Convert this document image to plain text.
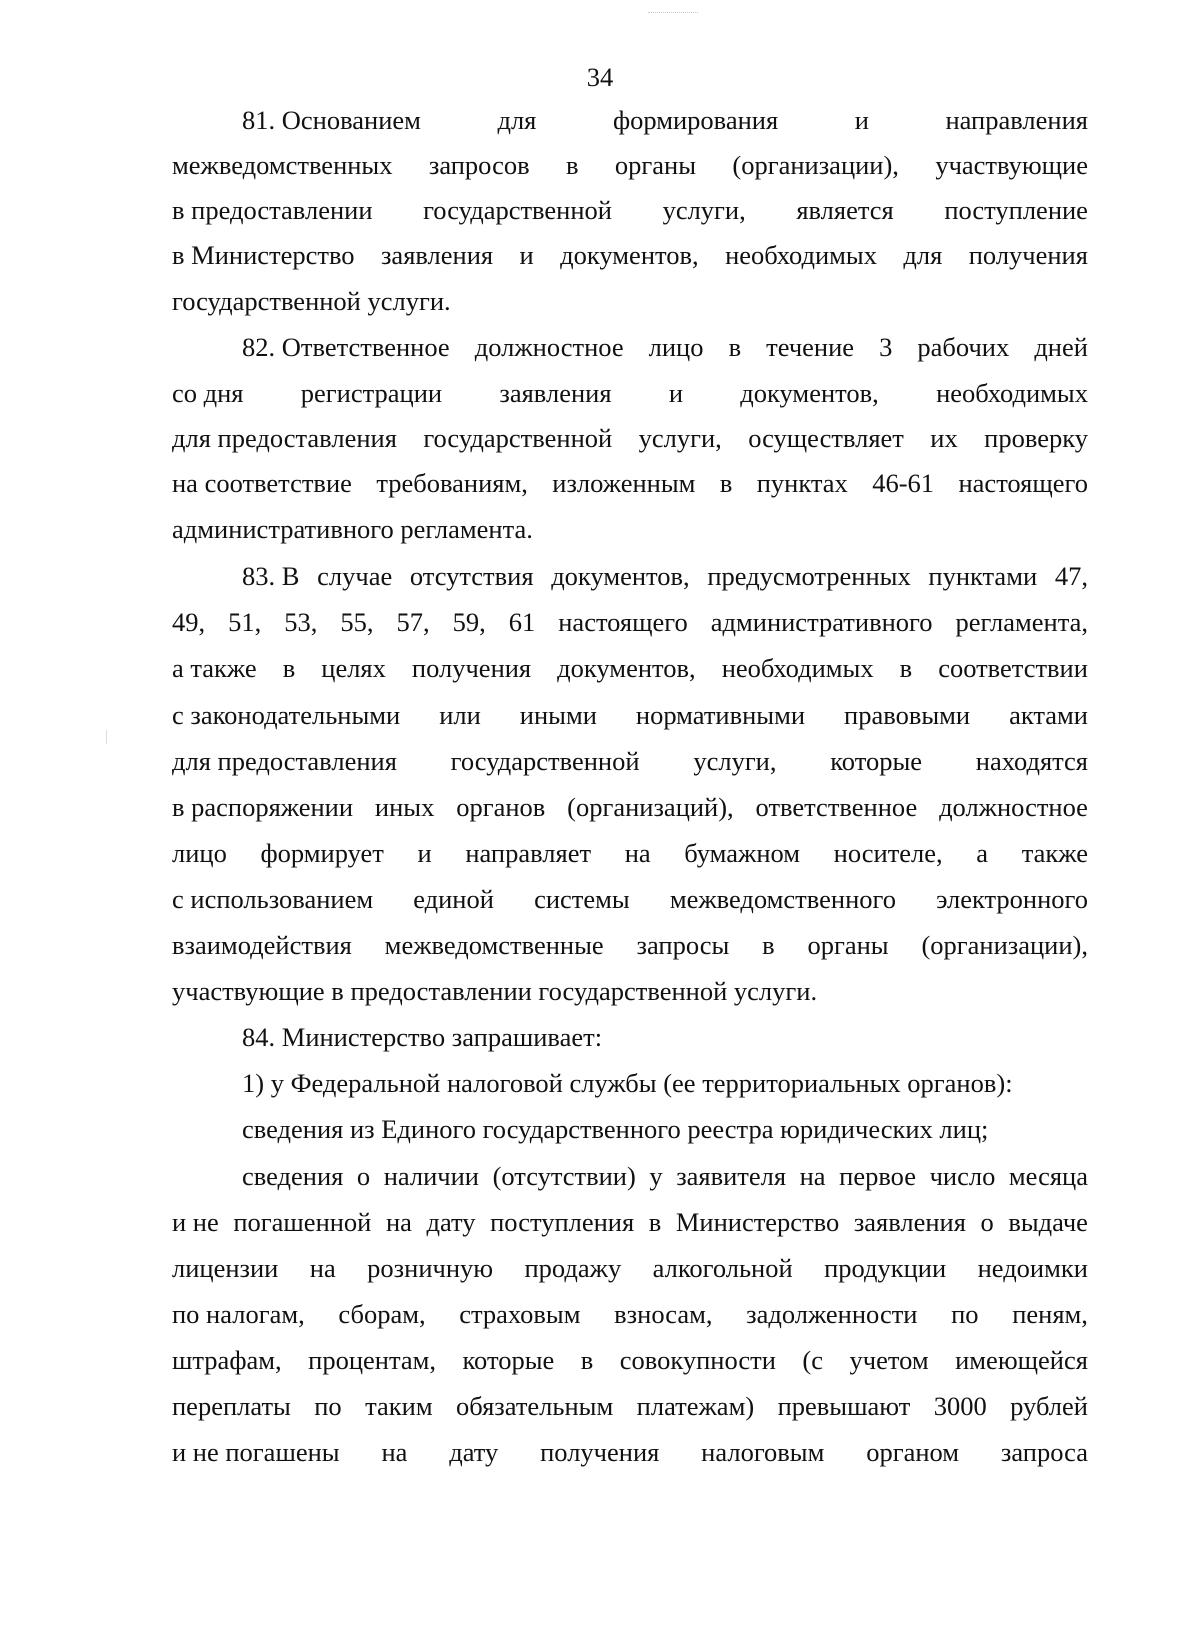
34
81. Основанием	для	формирования	и	направления
межведомственных запросов в органы (организации), участвующие
в предоставлении государственной услуги, является поступление
в Министерство заявления и документов, необходимых для получения
государственной услуги.
82. Ответственное должностное лицо в течение 3 рабочих дней
со дня регистрации заявления и документов, необходимых
для предоставления государственной услуги, осуществляет их проверку
на соответствие требованиям, изложенным в пунктах 46-61 настоящего
административного регламента.
83. В случае отсутствия документов, предусмотренных пунктами 47,
49, 51, 53, 55, 57, 59, 61 настоящего административного регламента,
а также в целях получения документов, необходимых в соответствии
с законодательными или иными нормативными правовыми актами
для предоставления государственной услуги, которые находятся
в распоряжении иных органов (организаций), ответственное должностное
лицо формирует и направляет на бумажном носителе, а также
с использованием единой системы межведомственного электронного
взаимодействия межведомственные запросы в органы (организации),
участвующие в предоставлении государственной услуги.
84. Министерство запрашивает:
1) у Федеральной налоговой службы (ее территориальных органов):
сведения из Единого государственного реестра юридических лиц;
сведения о наличии (отсутствии) у заявителя на первое число месяца
и не погашенной на дату поступления в Министерство заявления о выдаче
лицензии на розничную продажу алкогольной продукции недоимки
по налогам, сборам, страховым взносам, задолженности по пеням,
штрафам, процентам, которые в совокупности (с учетом имеющейся
переплаты по таким обязательным платежам) превышают 3000 рублей
и не погашены на дату получения налоговым органом запроса
